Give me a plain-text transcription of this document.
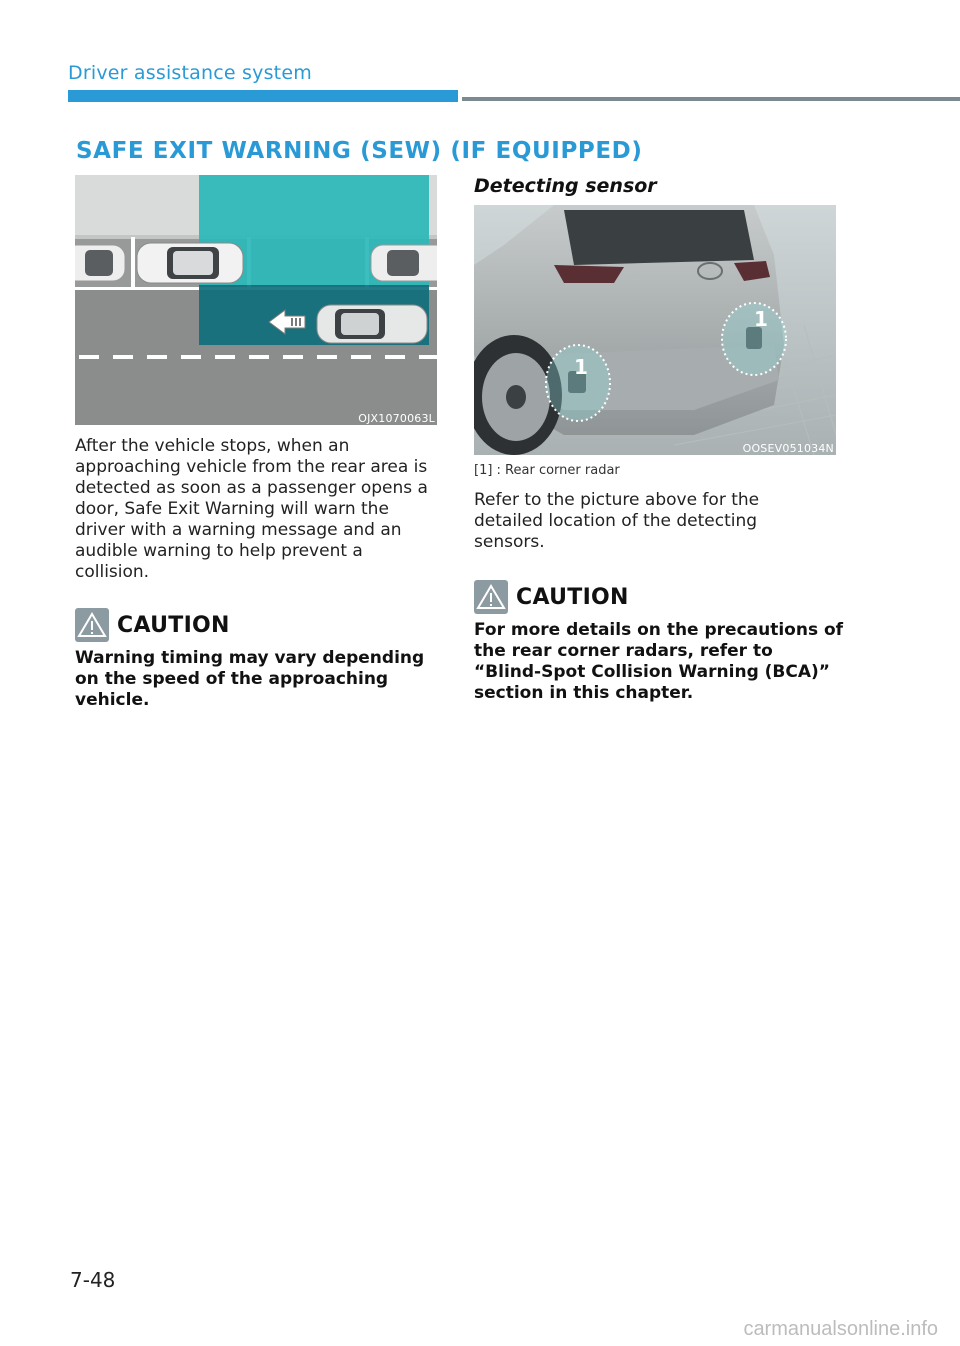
Driver assistance system
SAFE EXIT WARNING (SEW) (IF EQUIPPED)
OJX1070063L
After the vehicle stops, when an approaching vehicle from the rear area is detected as soon as a passenger opens a door, Safe Exit Warning will warn the driver with a warning message and an audible warning to help prevent a collision.
CAUTION
Warning timing may vary depending on the speed of the approaching vehicle.
Detecting sensor
1
1
OOSEV051034N
[1] : Rear corner radar
Refer to the picture above for the detailed location of the detecting sensors.
CAUTION
For more details on the precautions of the rear corner radars, refer to “Blind-Spot Collision Warning (BCA)” section in this chapter.
7-48
carmanualsonline.info
